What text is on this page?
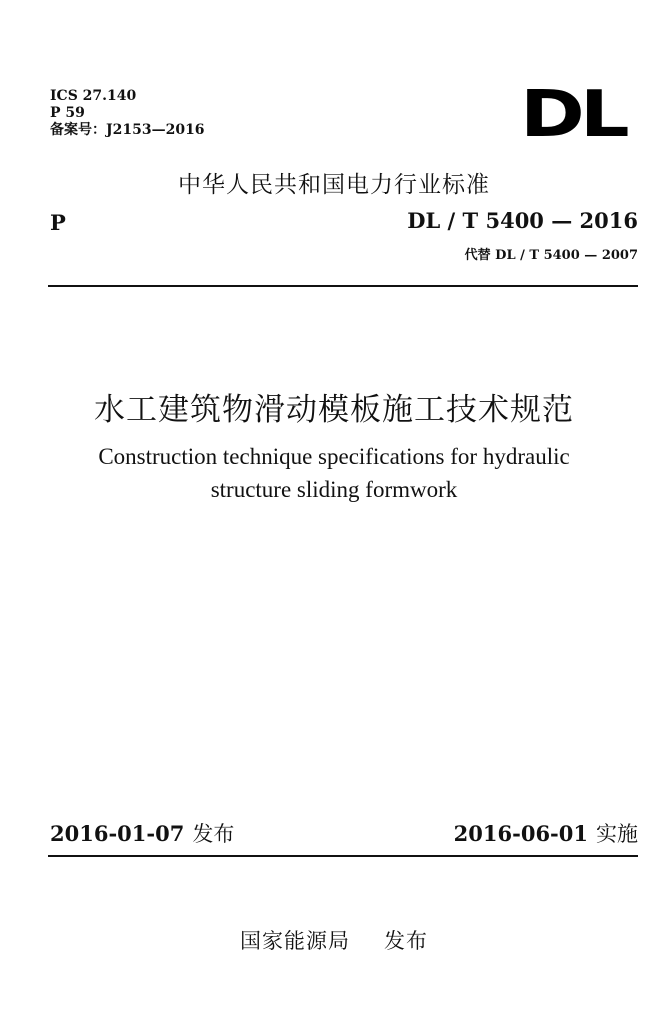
ICS 27.140
P 59
备案号：J2153—2016	DL
中华人民共和国电力行业标准
P	DL / T 5400 — 2016
代替 DL / T 5400 — 2007
水工建筑物滑动模板施工技术规范
Construction technique specifications for hydraulic
structure sliding formwork
2016-01-07 发布	2016-06-01 实施
国家能源局 发布
